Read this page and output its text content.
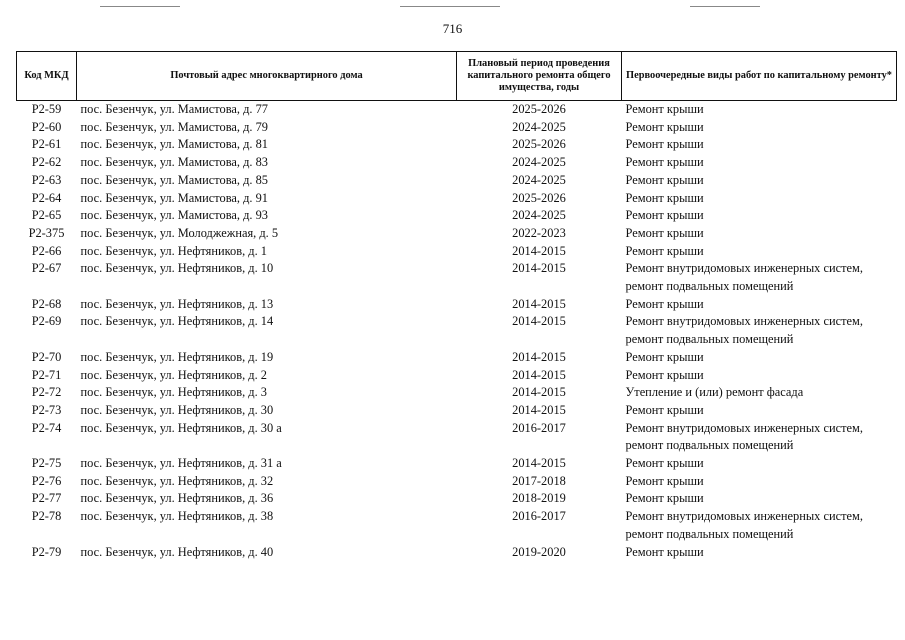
716
Код МКД	Почтовый адрес многоквартирного дома	Плановый период проведения капитального ремонта общего имущества, годы	Первоочередные виды работ по капитальному ремонту*
Р2-59	пос. Безенчук, ул. Мамистова, д. 77	2025-2026	Ремонт крыши
Р2-60	пос. Безенчук, ул. Мамистова, д. 79	2024-2025	Ремонт крыши
Р2-61	пос. Безенчук, ул. Мамистова, д. 81	2025-2026	Ремонт крыши
Р2-62	пос. Безенчук, ул. Мамистова, д. 83	2024-2025	Ремонт крыши
Р2-63	пос. Безенчук, ул. Мамистова, д. 85	2024-2025	Ремонт крыши
Р2-64	пос. Безенчук, ул. Мамистова, д. 91	2025-2026	Ремонт крыши
Р2-65	пос. Безенчук, ул. Мамистова, д. 93	2024-2025	Ремонт крыши
Р2-375	пос. Безенчук, ул. Молоджежная, д. 5	2022-2023	Ремонт крыши
Р2-66	пос. Безенчук, ул. Нефтяников, д. 1	2014-2015	Ремонт крыши
Р2-67	пос. Безенчук, ул. Нефтяников, д. 10	2014-2015	Ремонт внутридомовых инженерных систем, ремонт подвальных помещений
Р2-68	пос. Безенчук, ул. Нефтяников, д. 13	2014-2015	Ремонт крыши
Р2-69	пос. Безенчук, ул. Нефтяников, д. 14	2014-2015	Ремонт внутридомовых инженерных систем, ремонт подвальных помещений
Р2-70	пос. Безенчук, ул. Нефтяников, д. 19	2014-2015	Ремонт крыши
Р2-71	пос. Безенчук, ул. Нефтяников, д. 2	2014-2015	Ремонт крыши
Р2-72	пос. Безенчук, ул. Нефтяников, д. 3	2014-2015	Утепление и (или) ремонт фасада
Р2-73	пос. Безенчук, ул. Нефтяников, д. 30	2014-2015	Ремонт крыши
Р2-74	пос. Безенчук, ул. Нефтяников, д. 30 а	2016-2017	Ремонт внутридомовых инженерных систем, ремонт подвальных помещений
Р2-75	пос. Безенчук, ул. Нефтяников, д. 31 а	2014-2015	Ремонт крыши
Р2-76	пос. Безенчук, ул. Нефтяников, д. 32	2017-2018	Ремонт крыши
Р2-77	пос. Безенчук, ул. Нефтяников, д. 36	2018-2019	Ремонт крыши
Р2-78	пос. Безенчук, ул. Нефтяников, д. 38	2016-2017	Ремонт внутридомовых инженерных систем, ремонт подвальных помещений
Р2-79	пос. Безенчук, ул. Нефтяников, д. 40	2019-2020	Ремонт крыши
